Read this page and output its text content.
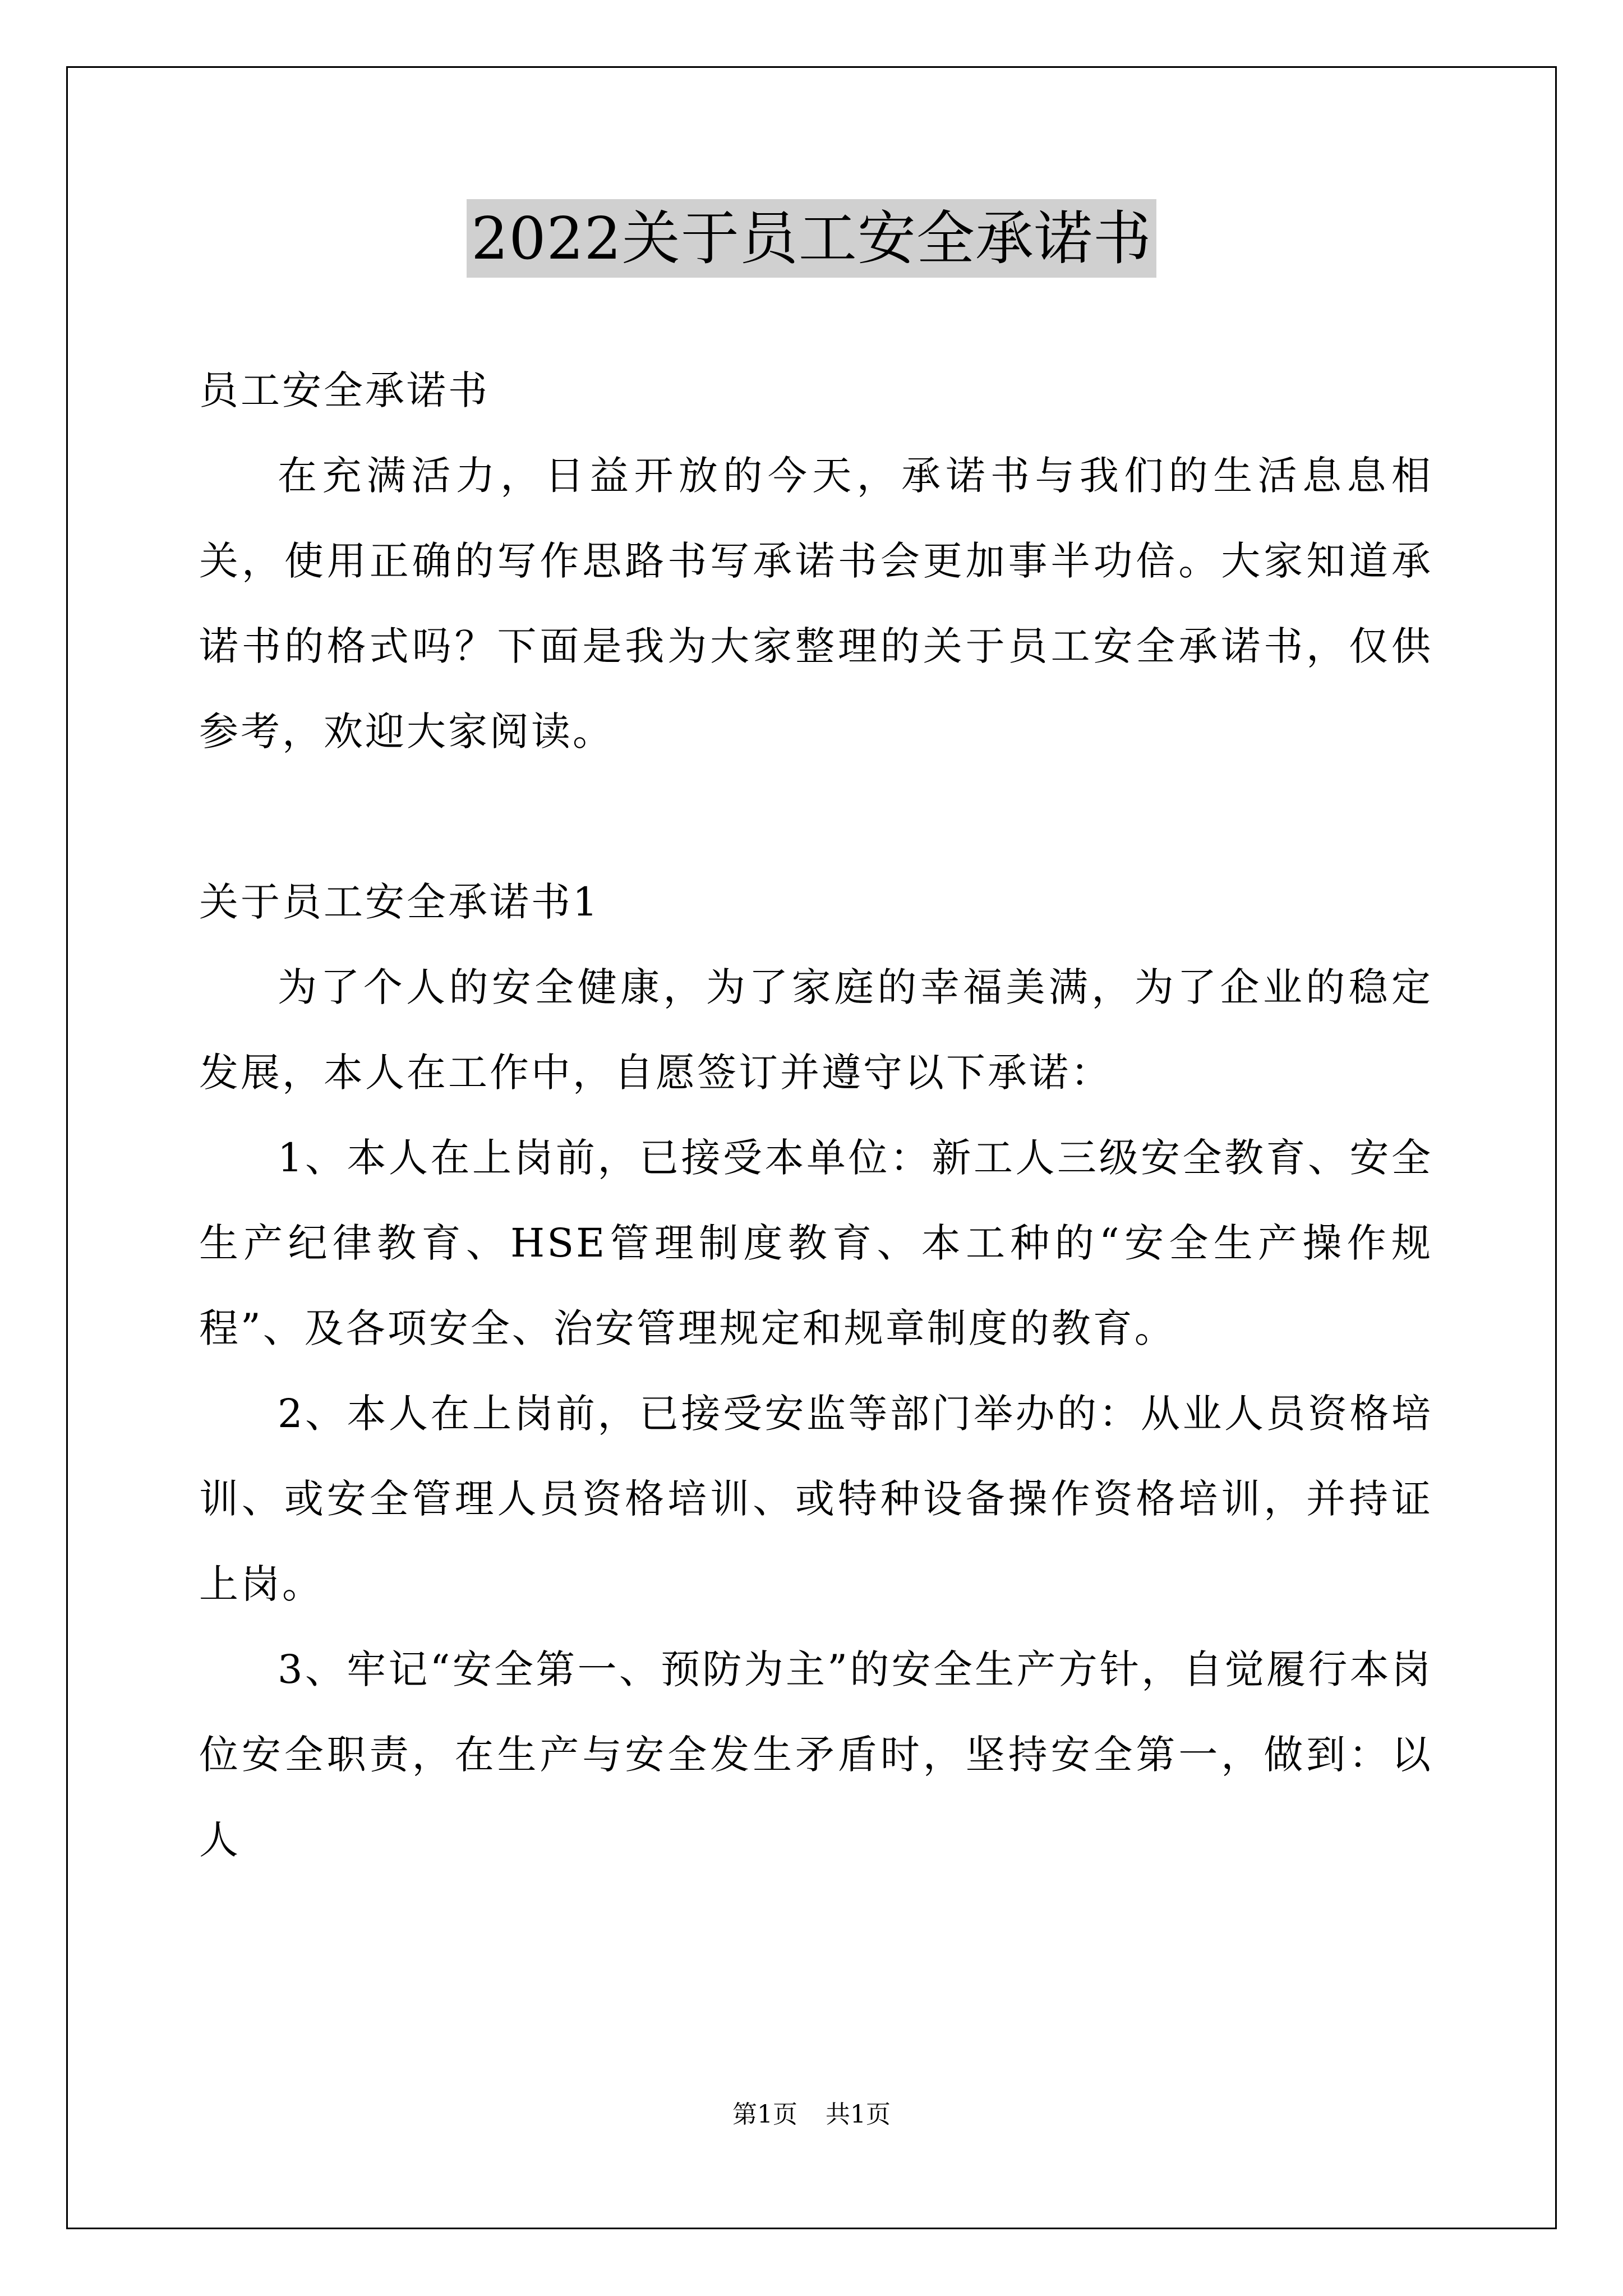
2022关于员工安全承诺书

员工安全承诺书

在充满活力，日益开放的今天，承诺书与我们的生活息息相关，使用正确的写作思路书写承诺书会更加事半功倍。大家知道承诺书的格式吗？下面是我为大家整理的关于员工安全承诺书，仅供参考，欢迎大家阅读。

关于员工安全承诺书1

为了个人的安全健康，为了家庭的幸福美满，为了企业的稳定发展，本人在工作中，自愿签订并遵守以下承诺：

1、本人在上岗前，已接受本单位：新工人三级安全教育、安全生产纪律教育、HSE管理制度教育、本工种的“安全生产操作规程”、及各项安全、治安管理规定和规章制度的教育。

2、本人在上岗前，已接受安监等部门举办的：从业人员资格培训、或安全管理人员资格培训、或特种设备操作资格培训，并持证上岗。

3、牢记“安全第一、预防为主”的安全生产方针，自觉履行本岗位安全职责，在生产与安全发生矛盾时，坚持安全第一，做到：以人

第1页 共1页
